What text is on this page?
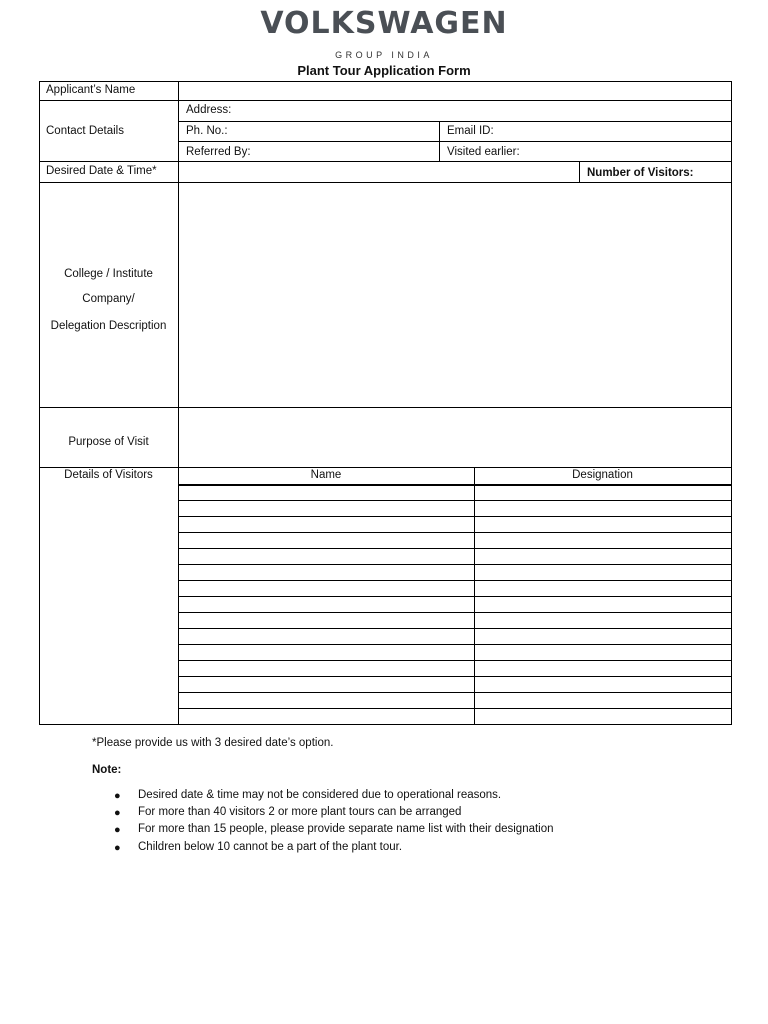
VOLKSWAGEN
GROUP INDIA
Plant Tour Application Form
Applicant’s Name
Contact Details
Address:
Ph. No.:	Email ID:
Referred By:	Visited earlier:
Desired Date & Time*	Number of Visitors:
College / Institute
Company/
Delegation Description
Purpose of Visit
Details of Visitors	Name	Designation
*Please provide us with 3 desired date’s option.
Note:
● Desired date & time may not be considered due to operational reasons.
● For more than 40 visitors 2 or more plant tours can be arranged
● For more than 15 people, please provide separate name list with their designation
● Children below 10 cannot be a part of the plant tour.
